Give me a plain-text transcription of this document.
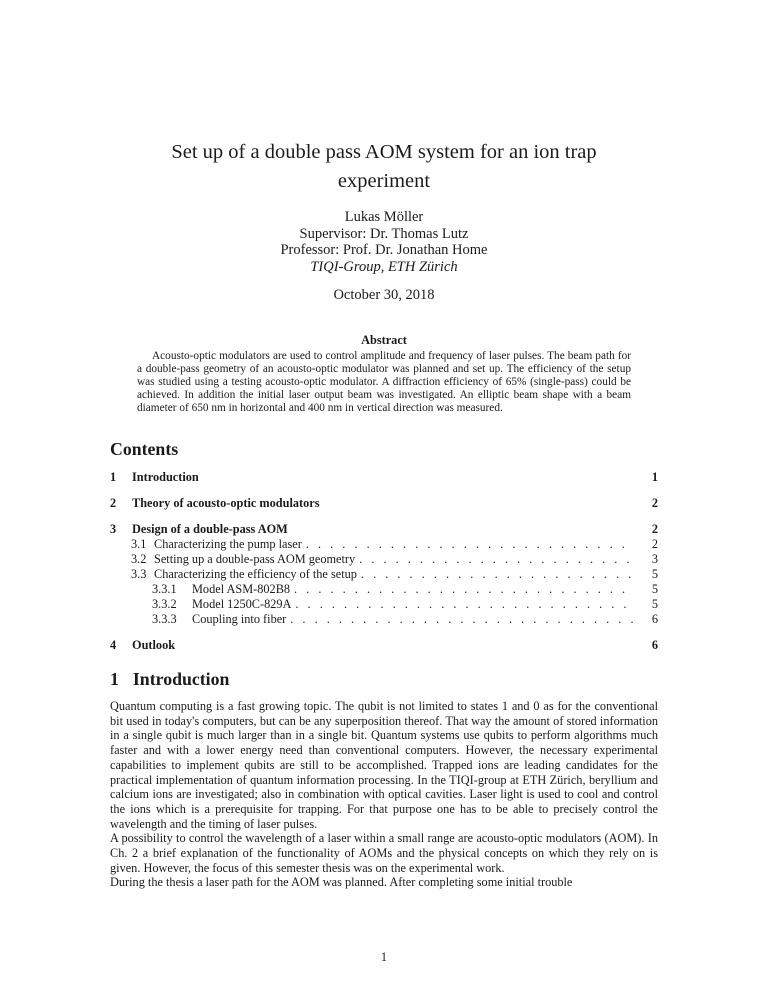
Set up of a double pass AOM system for an ion trap experiment
Lukas Möller
Supervisor: Dr. Thomas Lutz
Professor: Prof. Dr. Jonathan Home
TIQI-Group, ETH Zürich
October 30, 2018
Abstract
Acousto-optic modulators are used to control amplitude and frequency of laser pulses. The beam path for a double-pass geometry of an acousto-optic modulator was planned and set up. The efficiency of the setup was studied using a testing acousto-optic modulator. A diffraction efficiency of 65% (single-pass) could be achieved. In addition the initial laser output beam was investigated. An elliptic beam shape with a beam diameter of 650 nm in horizontal and 400 nm in vertical direction was measured.
Contents
1	Introduction	1
2	Theory of acousto-optic modulators	2
3	Design of a double-pass AOM	2
3.1 Characterizing the pump laser . . .	2
3.2 Setting up a double-pass AOM geometry . . .	3
3.3 Characterizing the efficiency of the setup . . .	5
3.3.1	Model ASM-802B8 . . .	5
3.3.2	Model 1250C-829A . . .	5
3.3.3	Coupling into fiber . . .	6
4	Outlook	6
1 Introduction

Quantum computing is a fast growing topic. The qubit is not limited to states 1 and 0 as for the conventional bit used in today's computers, but can be any superposition thereof. That way the amount of stored information in a single qubit is much larger than in a single bit. Quantum systems use qubits to perform algorithms much faster and with a lower energy need than conventional computers. However, the necessary experimental capabilities to implement qubits are still to be accomplished. Trapped ions are leading candidates for the practical implementation of quantum information processing. In the TIQI-group at ETH Zürich, beryllium and calcium ions are investigated; also in combination with optical cavities. Laser light is used to cool and control the ions which is a prerequisite for trapping. For that purpose one has to be able to precisely control the wavelength and the timing of laser pulses.

A possibility to control the wavelength of a laser within a small range are acousto-optic modulators (AOM). In Ch. 2 a brief explanation of the functionality of AOMs and the physical concepts on which they rely on is given. However, the focus of this semester thesis was on the experimental work.

During the thesis a laser path for the AOM was planned. After completing some initial trouble

1
